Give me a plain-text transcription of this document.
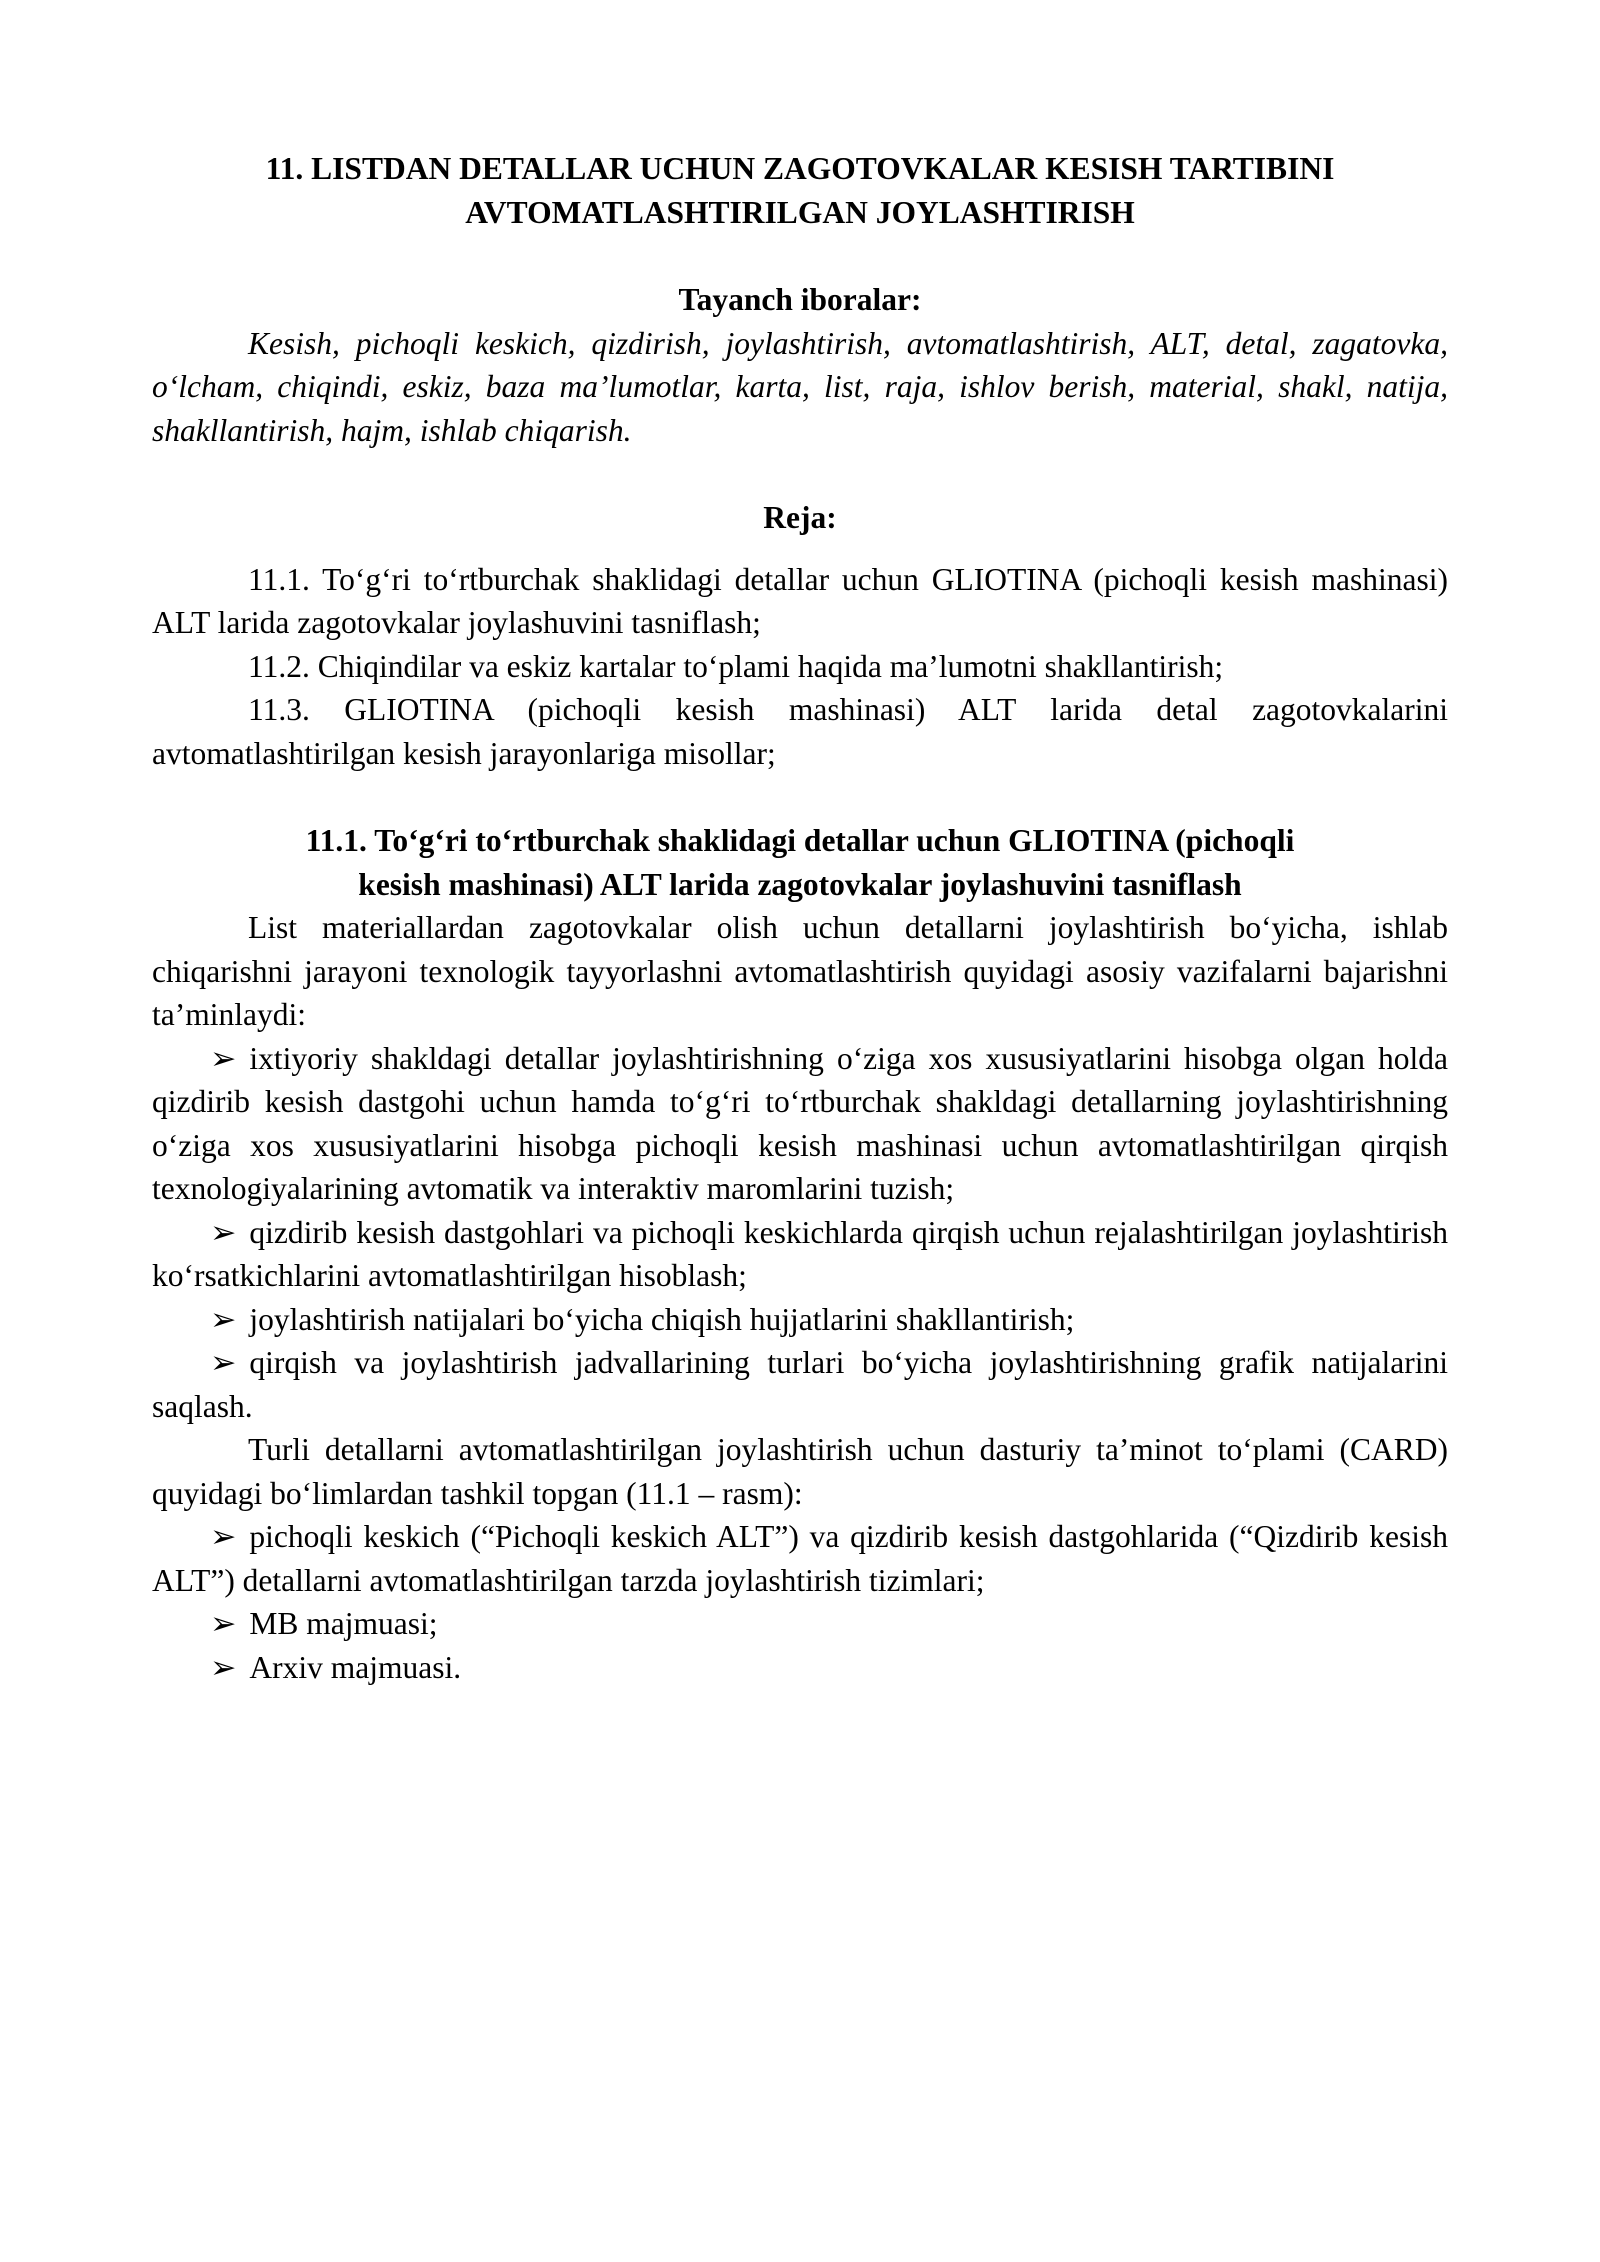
11. LISTDAN DETALLAR UCHUN ZAGOTOVKALAR KESISH TARTIBINI

AVTOMATLASHTIRILGAN JOYLASHTIRISH

Tayanch iboralar:

Kesish, pichoqli keskich, qizdirish, joylashtirish, avtomatlashtirish, ALT, detal, zagatovka, oʻlcham, chiqindi, eskiz, baza ma’lumotlar, karta, list, raja, ishlov berish, material, shakl, natija, shakllantirish, hajm, ishlab chiqarish.

Reja:

11.1. Toʻgʻri toʻrtburchak shaklidagi detallar uchun GLIOTINA (pichoqli kesish mashinasi) ALT larida zagotovkalar joylashuvini tasniflash;

11.2. Chiqindilar va eskiz kartalar toʻplami haqida ma’lumotni shakllantirish;

11.3. GLIOTINA (pichoqli kesish mashinasi) ALT larida detal zagotovkalarini avtomatlashtirilgan kesish jarayonlariga misollar;

11.1. Toʻgʻri toʻrtburchak shaklidagi detallar uchun GLIOTINA (pichoqli

kesish mashinasi) ALT larida zagotovkalar joylashuvini tasniflash

List materiallardan zagotovkalar olish uchun detallarni joylashtirish boʻyicha, ishlab chiqarishni jarayoni texnologik tayyorlashni avtomatlashtirish quyidagi asosiy vazifalarni bajarishni ta’minlaydi:

➢ ixtiyoriy shakldagi detallar joylashtirishning oʻziga xos xususiyatlarini hisobga olgan holda qizdirib kesish dastgohi uchun hamda toʻgʻri toʻrtburchak shakldagi detallarning joylashtirishning oʻziga xos xususiyatlarini hisobga pichoqli kesish mashinasi uchun avtomatlashtirilgan qirqish texnologiyalarining avtomatik va interaktiv maromlarini tuzish;

➢ qizdirib kesish dastgohlari va pichoqli keskichlarda qirqish uchun rejalashtirilgan joylashtirish koʻrsatkichlarini avtomatlashtirilgan hisoblash;

➢ joylashtirish natijalari boʻyicha chiqish hujjatlarini shakllantirish;

➢ qirqish va joylashtirish jadvallarining turlari boʻyicha joylashtirishning grafik natijalarini saqlash.

Turli detallarni avtomatlashtirilgan joylashtirish uchun dasturiy ta’minot toʻplami (CARD) quyidagi boʻlimlardan tashkil topgan (11.1 – rasm):

➢ pichoqli keskich (“Pichoqli keskich ALT”) va qizdirib kesish dastgohlarida (“Qizdirib kesish ALT”) detallarni avtomatlashtirilgan tarzda joylashtirish tizimlari;

➢ MB majmuasi;

➢ Arxiv majmuasi.
